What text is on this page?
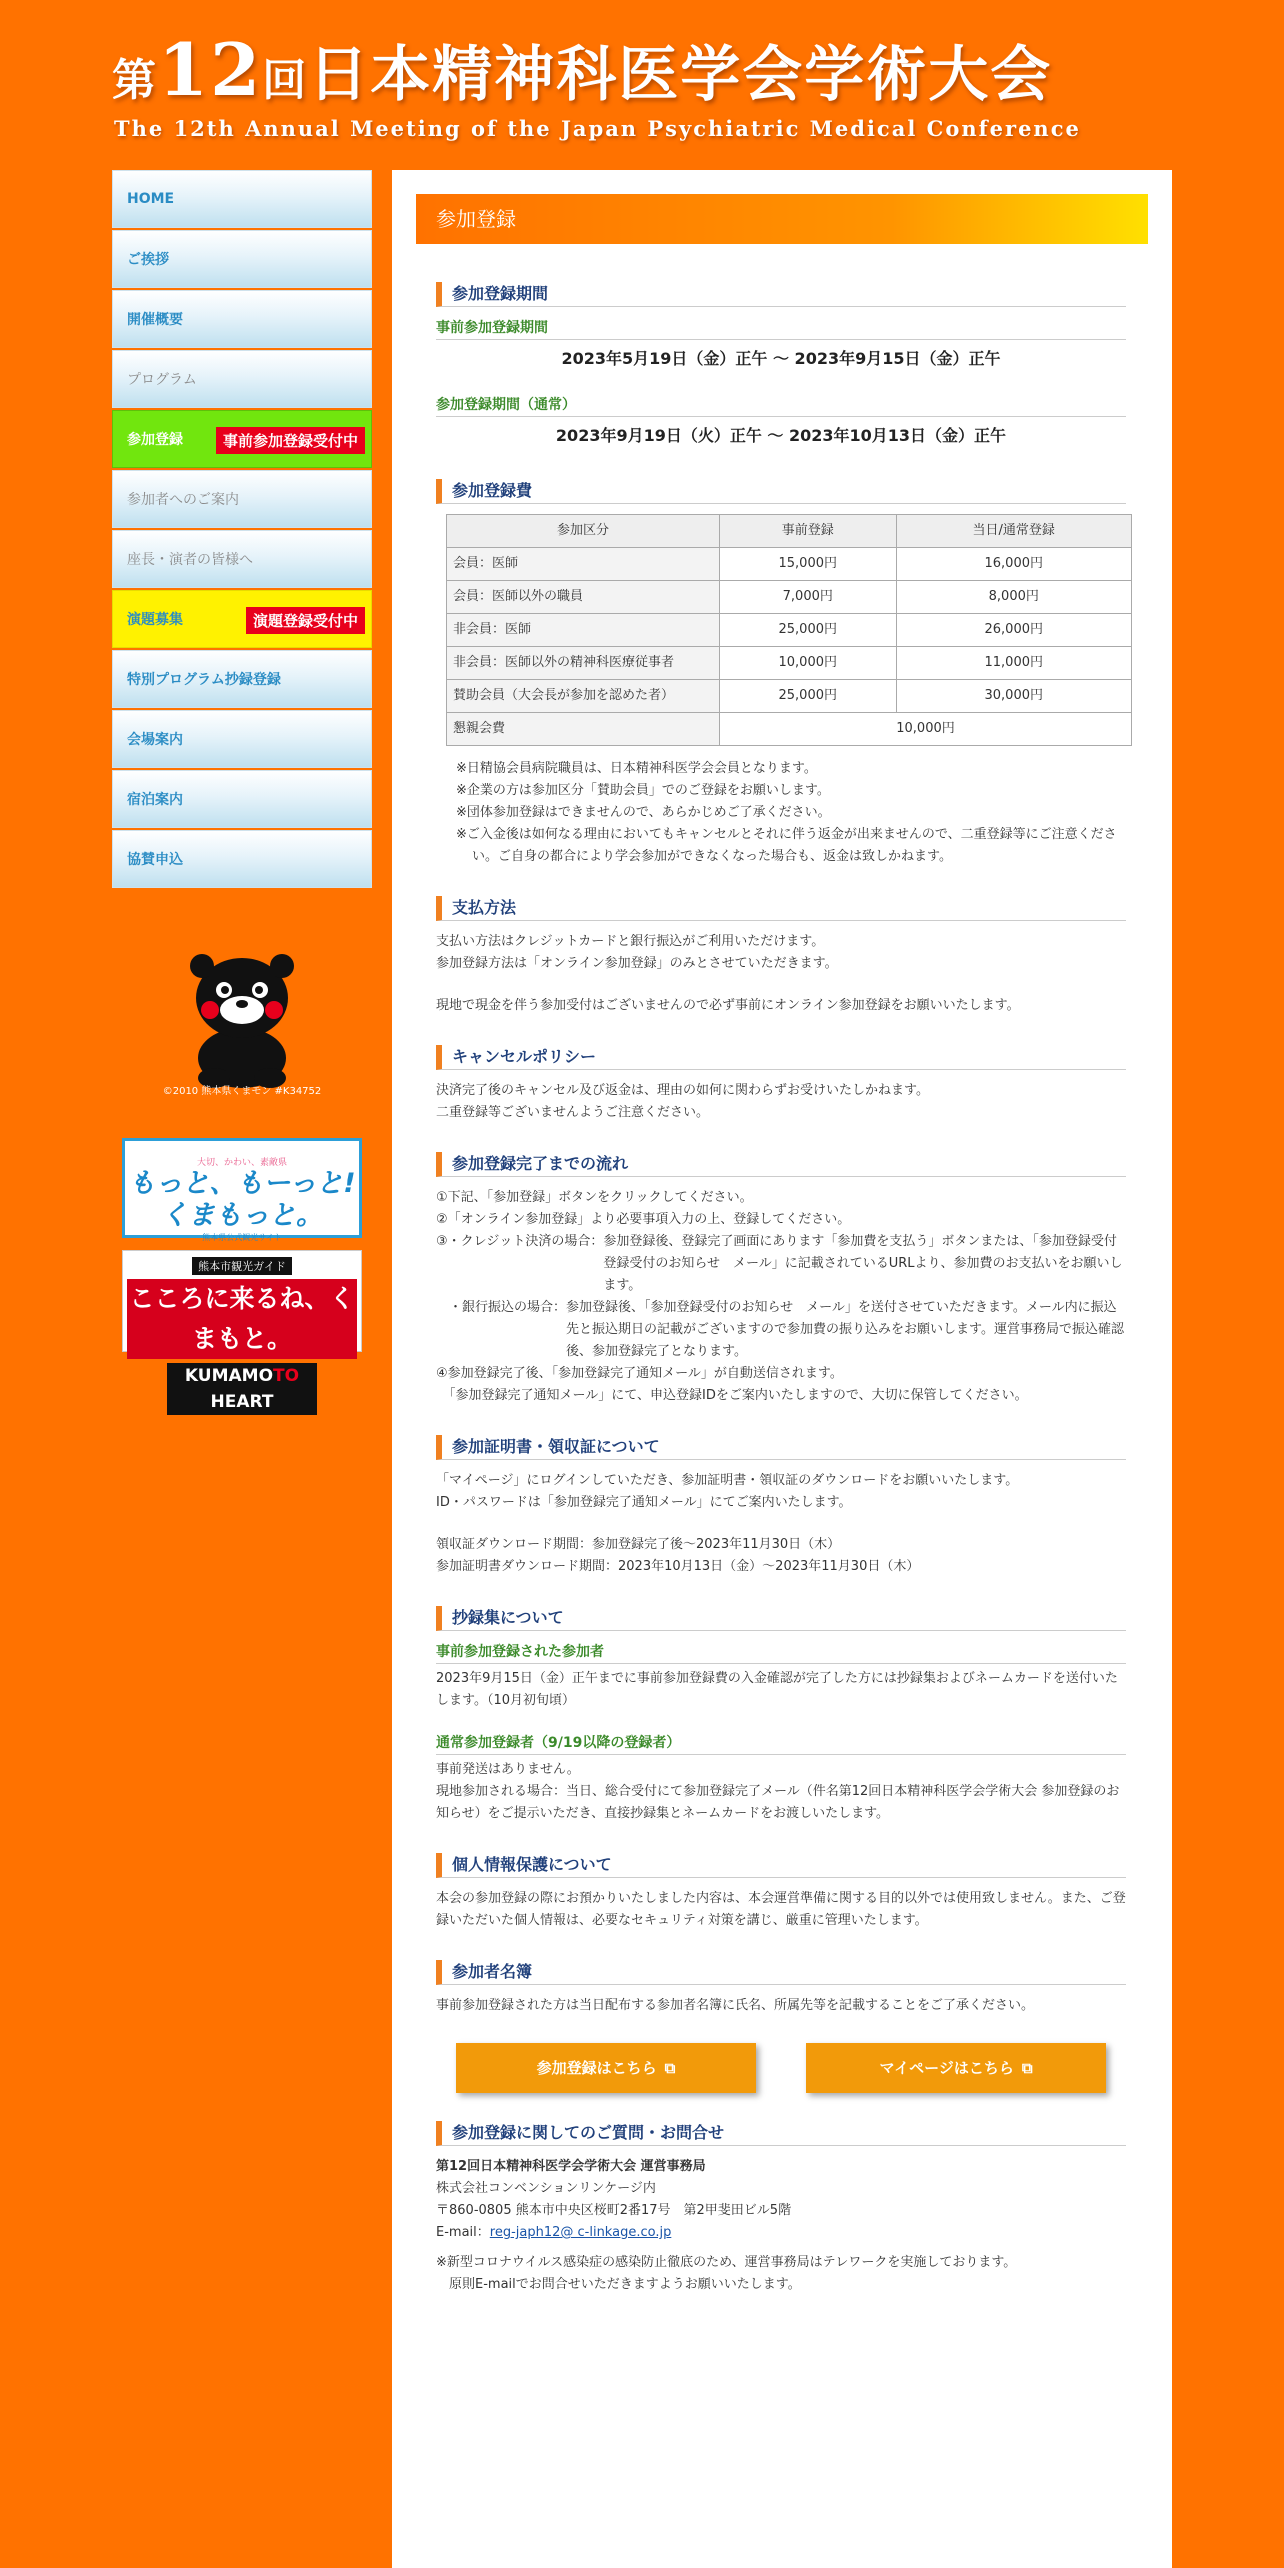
第12回日本精神科医学会学術大会
The 12th Annual Meeting of the Japan Psychiatric Medical Conference
HOME
ご挨拶
開催概要
プログラム
参加登録	事前参加登録受付中
参加者へのご案内
座長・演者の皆様へ
演題募集	演題登録受付中
特別プログラム抄録登録
会場案内
宿泊案内
協賛申込
©2010 熊本県くまモン #K34752
大切、かわい、素敵県
もっと、もーっと!くまもっと。
熊本県公式観光サイト
熊本市観光ガイド
こころに来るね、くまもと。
KUMAMOTO HEART
参加登録
参加登録期間
事前参加登録期間
2023年5月19日（金）正午 ～ 2023年9月15日（金）正午
参加登録期間（通常）
2023年9月19日（火）正午 ～ 2023年10月13日（金）正午
参加登録費
参加区分	事前登録	当日/通常登録
会員：医師	15,000円	16,000円
会員：医師以外の職員	7,000円	8,000円
非会員：医師	25,000円	26,000円
非会員：医師以外の精神科医療従事者	10,000円	11,000円
賛助会員（大会長が参加を認めた者）	25,000円	30,000円
懇親会費	10,000円	
※日精協会員病院職員は、日本精神科医学会会員となります。
※企業の方は参加区分「賛助会員」でのご登録をお願いします。
※団体参加登録はできませんので、あらかじめご了承ください。
※ご入金後は如何なる理由においてもキャンセルとそれに伴う返金が出来ませんので、二重登録等にご注意ください。ご自身の都合により学会参加ができなくなった場合も、返金は致しかねます。
支払方法

支払い方法はクレジットカードと銀行振込がご利用いただけます。

参加登録方法は「オンライン参加登録」のみとさせていただきます。

現地で現金を伴う参加受付はございませんので必ず事前にオンライン参加登録をお願いいたします。

キャンセルポリシー

決済完了後のキャンセル及び返金は、理由の如何に関わらずお受けいたしかねます。

二重登録等ございませんようご注意ください。

参加登録完了までの流れ

①下記、「参加登録」ボタンをクリックしてください。

②「オンライン参加登録」より必要事項入力の上、登録してください。

③・クレジット決済の場合： 参加登録後、登録完了画面にあります「参加費を支払う」ボタンまたは、「参加登録受付登録受付のお知らせ　メール」に記載されているURLより、参加費のお支払いをお願いします。
　・銀行振込の場合： 参加登録後、「参加登録受付のお知らせ　メール」を送付させていただきます。メール内に振込先と振込期日の記載がございますので参加費の振り込みをお願いします。運営事務局で振込確認後、参加登録完了となります。

④参加登録完了後、「参加登録完了通知メール」が自動送信されます。

　「参加登録完了通知メール」にて、申込登録IDをご案内いたしますので、大切に保管してください。

参加証明書・領収証について

「マイページ」にログインしていただき、参加証明書・領収証のダウンロードをお願いいたします。

ID・パスワードは「参加登録完了通知メール」にてご案内いたします。

領収証ダウンロード期間：参加登録完了後～2023年11月30日（木）

参加証明書ダウンロード期間：2023年10月13日（金）～2023年11月30日（木）

抄録集について
事前参加登録された参加者

2023年9月15日（金）正午までに事前参加登録費の入金確認が完了した方には抄録集およびネームカードを送付いたします。（10月初旬頃）

通常参加登録者（9/19以降の登録者）

事前発送はありません。

現地参加される場合：当日、総合受付にて参加登録完了メール（件名第12回日本精神科医学会学術大会 参加登録のお知らせ）をご提示いただき、直接抄録集とネームカードをお渡しいたします。

個人情報保護について

本会の参加登録の際にお預かりいたしました内容は、本会運営準備に関する目的以外では使用致しません。また、ご登録いただいた個人情報は、必要なセキュリティ対策を講じ、厳重に管理いたします。

参加者名簿

事前参加登録された方は当日配布する参加者名簿に氏名、所属先等を記載することをご了承ください。

参加登録はこちら ⧉	マイページはこちら ⧉
参加登録に関してのご質問・お問合せ

第12回日本精神科医学会学術大会 運営事務局

株式会社コンベンションリンケージ内

〒860-0805 熊本市中央区桜町2番17号　第2甲斐田ビル5階

E-mail：reg-japh12@ c-linkage.co.jp

※新型コロナウイルス感染症の感染防止徹底のため、運営事務局はテレワークを実施しております。

　原則E-mailでお問合せいただきますようお願いいたします。
